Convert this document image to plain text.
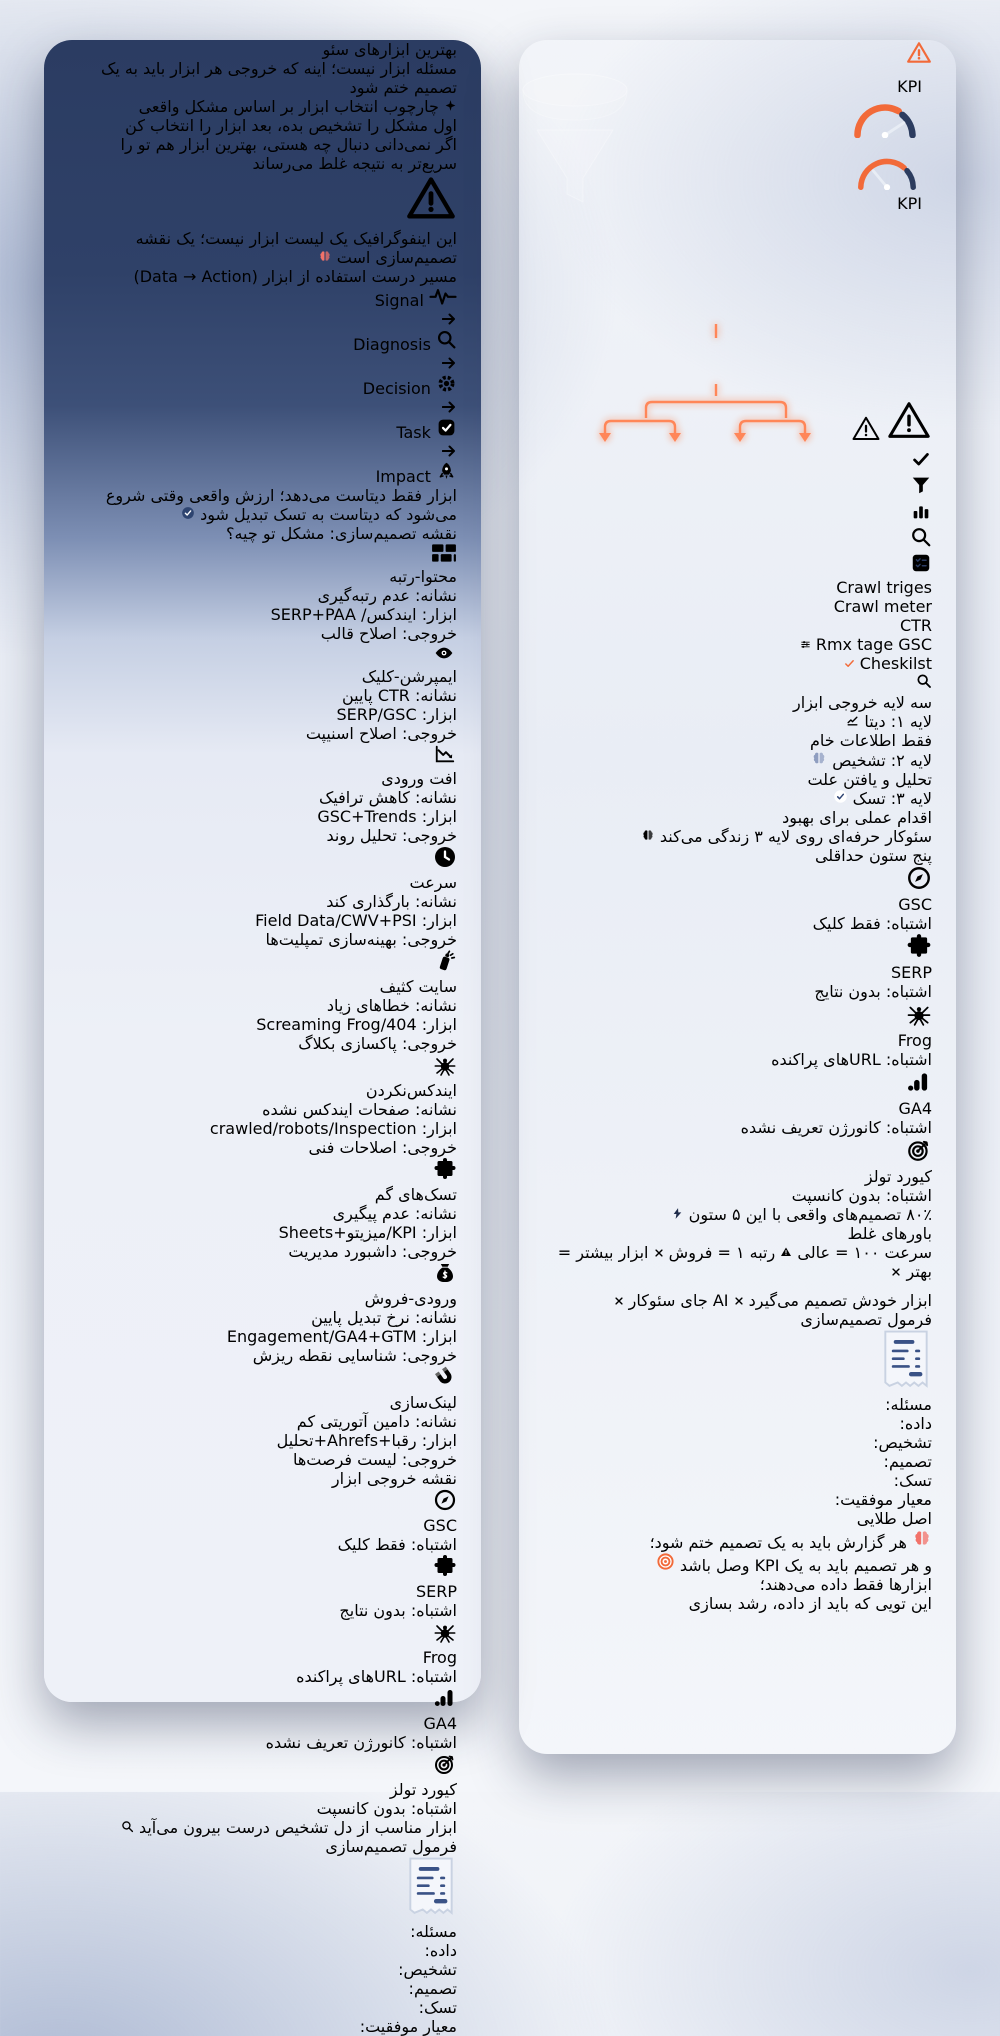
بهترین ابزارهای سئو
مسئله ابزار نیست؛ اینه که خروجی هر ابزار باید به یک تصمیم ختم شود
چارچوب انتخاب ابزار بر اساس مشکل واقعی
اول مشکل را تشخیص بده، بعد ابزار را انتخاب کن
اگر نمی‌دانی دنبال چه هستی، بهترین ابزار هم تو را سریع‌تر به نتیجه غلط می‌رساند
این اینفوگرافیک یک لیست ابزار نیست؛ یک نقشه تصمیم‌سازی است
مسیر درست استفاده از ابزار (Data → Action)
Signal
Diagnosis
Decision
Task
Impact
ابزار فقط دیتاست می‌دهد؛ ارزش واقعی وقتی شروع می‌شود که دیتاست به تسک تبدیل شود
نقشه تصمیم‌سازی: مشکل تو چیه؟
محتوا-رتبه
نشانه: عدم رتبه‌گیری
ابزار: ایندکس/ SERP+PAA
خروجی: اصلاح قالب
ایمپرشن-کلیک
نشانه: CTR پایین
ابزار: SERP/GSC
خروجی: اصلاح اسنیپت
افت ورودی
نشانه: کاهش ترافیک
ابزار: GSC+Trends
خروجی: تحلیل روند
سرعت
نشانه: بارگذاری کند
ابزار: Field Data/CWV+PSI
خروجی: بهینه‌سازی تمپلیت‌ها
سایت کثیف
نشانه: خطاهای زیاد
ابزار: 404/Screaming Frog
خروجی: پاکسازی بکلاگ
ایندکس‌نکردن
نشانه: صفحات ایندکس نشده
ابزار: crawled/robots/Inspection
خروجی: اصلاحات فنی
تسک‌های گم
نشانه: عدم پیگیری
ابزار: KPI/میزیتو+Sheets
خروجی: داشبورد مدیریت
ورودی-فروش
نشانه: نرخ تبدیل پایین
ابزار: Engagement/GA4+GTM
خروجی: شناسایی نقطه ریزش
لینک‌سازی
نشانه: دامین آتوریتی کم
ابزار: رقبا+Ahrefs+تحلیل
خروجی: لیست فرصت‌ها
نقشه خروجی ابزار
GSC
اشتباه: فقط کلیک
SERP
اشتباه: بدون نتایج
Frog
اشتباه: URLهای پراکنده
GA4
اشتباه: کانورژن تعریف نشده
کیورد تولز
اشتباه: بدون کانسپت
ابزار مناسب از دل تشخیص درست بیرون می‌آید
فرمول تصمیم‌سازی
مسئله:
داده:
تشخیص:
تصمیم:
تسک:
معیار موفقیت:
KPI
KPI

Crawl triges
Crawl meter
CTR
Rmx tage GSC
Cheskilst
سه لایه خروجی ابزار
لایه ۱: دیتا
فقط اطلاعات خام
لایه ۲: تشخیص
تحلیل و یافتن علت
لایه ۳: تسک
اقدام عملی برای بهبود
سئوکار حرفه‌ای روی لایه ۳ زندگی می‌کند
پنج ستون حداقلی
GSC
اشتباه: فقط کلیک
SERP
اشتباه: بدون نتایج
Frog
اشتباه: URLهای پراکنده
GA4
اشتباه: کانورژن تعریف نشده
کیورد تولز
اشتباه: بدون کانسپت
۸۰٪ تصمیم‌های واقعی با این ۵ ستون
باورهای غلط
سرعت ۱۰۰ = عالی  رتبه ۱ = فروش  ابزار بیشتر = بهتر
ابزار خودش تصمیم می‌گیرد  AI جای سئوکار
فرمول تصمیم‌سازی
مسئله:
داده:
تشخیص:
تصمیم:
تسک:
معیار موفقیت:
اصل طلایی
هر گزارش باید به یک تصمیم ختم شود؛
و هر تصمیم باید به یک KPI وصل باشد
ابزارها فقط داده می‌دهند؛
این تویی که باید از داده، رشد بسازی
